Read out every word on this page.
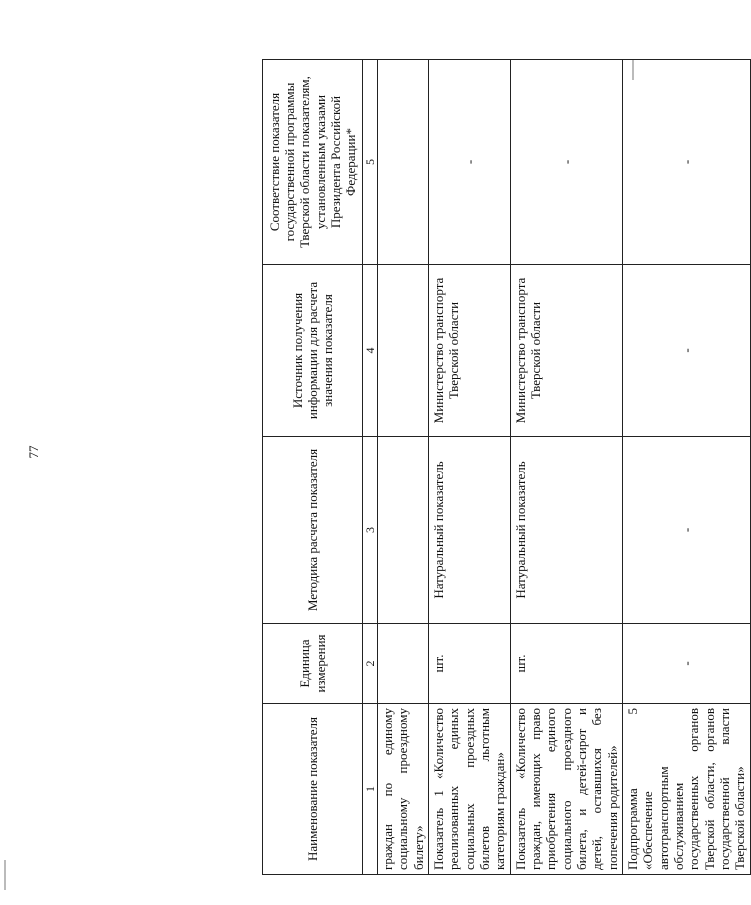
77
Наименование показателя	Единица измерения	Методика расчета показателя	Источник получения информации для расчета значения показателя	Соответствие показателя государственной программы Тверской области показателям, установленным указами Президента Российской Федерации*
1	2	3	4	5
граждан по единому социальному проездному билету»				
Показатель 1 «Количество реализованных единых социальных проездных билетов льготным категориям граждан»	шт.	Натуральный показатель	Министерство транспорта Тверской области	-
Показатель «Количество граждан, имеющих право приобретения единого социального проездного билета, и детей-сирот и детей, оставшихся без попечения родителей»	шт.	Натуральный показатель	Министерство транспорта Тверской области	-
Подпрограмма 5 «Обеспечение автотранспортным обслуживанием государственных органов Тверской области, органов государственной власти Тверской области»	-	-	-	-
